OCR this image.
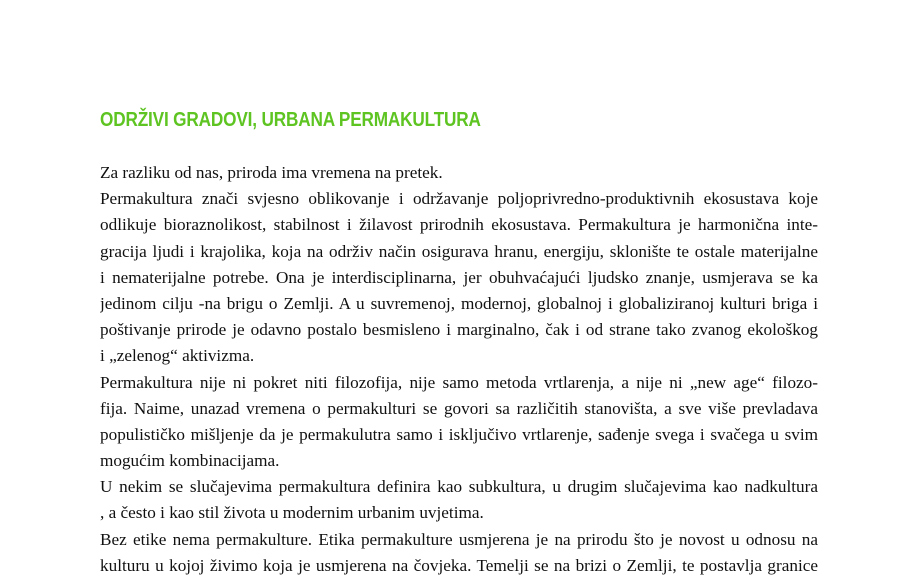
ODRŽIVI GRADOVI, URBANA PERMAKULTURA
Za razliku od nas, priroda ima vremena na pretek.
Permakultura znači svjesno oblikovanje i održavanje poljoprivredno-produktivnih ekosustava koje
odlikuje bioraznolikost, stabilnost i žilavost prirodnih ekosustava. Permakultura je harmonična inte-
gracija ljudi i krajolika, koja na održiv način osigurava hranu, energiju, sklonište te ostale materijalne
i nematerijalne potrebe. Ona je interdisciplinarna, jer obuhvaćajući ljudsko znanje, usmjerava se ka
jedinom cilju -na brigu o Zemlji. A u suvremenoj, modernoj, globalnoj i globaliziranoj kulturi briga i
poštivanje prirode je odavno postalo besmisleno i marginalno, čak i od strane tako zvanog ekološkog
i „zelenog“ aktivizma.
Permakultura nije ni pokret niti filozofija, nije samo metoda vrtlarenja, a nije ni „new age“ filozo-
fija. Naime, unazad vremena o permakulturi se govori sa različitih stanovišta, a sve više prevladava
populističko mišljenje da je permakulutra samo i isključivo vrtlarenje, sađenje svega i svačega u svim
mogućim kombinacijama.
U nekim se slučajevima permakultura definira kao subkultura, u drugim slučajevima kao nadkultura
, a često i kao stil života u modernim urbanim uvjetima.
Bez etike nema permakulture. Etika permakulture usmjerena je na prirodu što je novost u odnosu na
kulturu u kojoj živimo koja je usmjerena na čovjeka. Temelji se na brizi o Zemlji, te postavlja granice
